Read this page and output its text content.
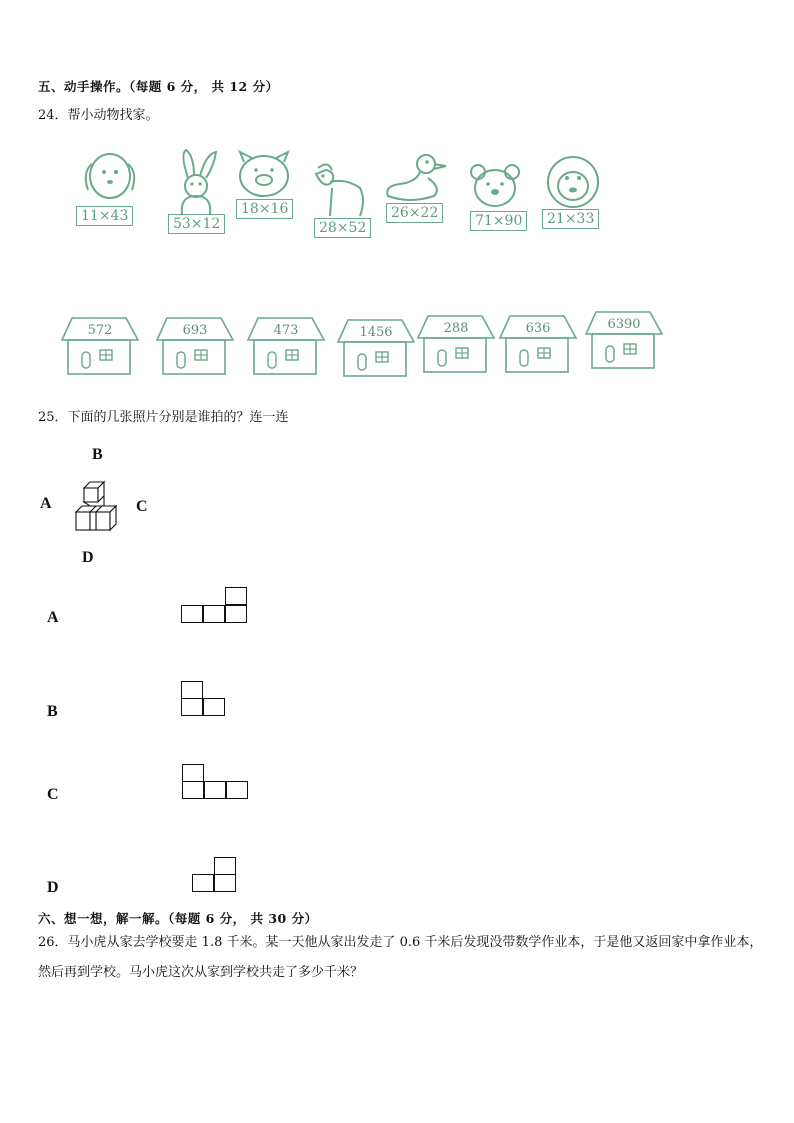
五、动手操作。（每题 6 分， 共 12 分）
24．帮小动物找家。
11×43	53×12
18×16
28×52
26×22	71×90	21×33
572	693	473	1456	288	636	6390
25．下面的几张照片分别是谁拍的？连一连
B
A	C
D
A
B
C
D
六、想一想，解一解。（每题 6 分， 共 30 分）
26．马小虎从家去学校要走 1.8 千米。某一天他从家出发走了 0.6 千米后发现没带数学作业本，于是他又返回家中拿作业本，然后再到学校。马小虎这次从家到学校共走了多少千米？
